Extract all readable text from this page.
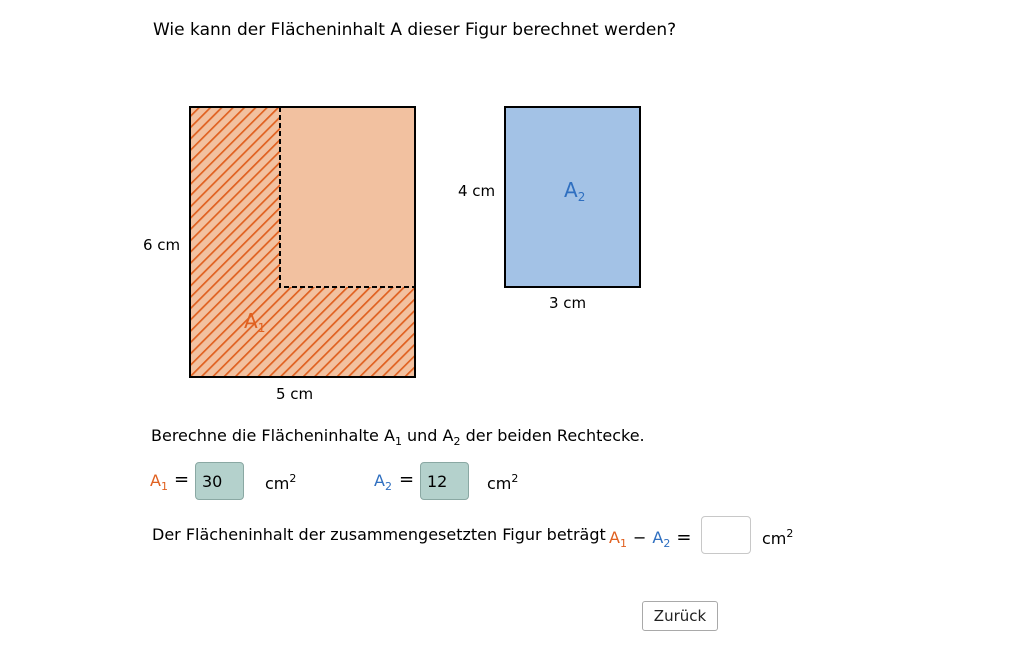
Wie kann der Flächeninhalt A dieser Figur berechnet werden?
6 cm
5 cm
$A_1$
4 cm
3 cm
$A_2$
Berechne die Flächeninhalte $A_1$ und $A_2$ der beiden Rechtecke.
$A_1$ =
30	$cm^2$	$A_2$ =
12	$cm^2$
Der Flächeninhalt der zusammengesetzten Figur beträgt $A_1 - A_2$ =	$cm^2$
Zurück
